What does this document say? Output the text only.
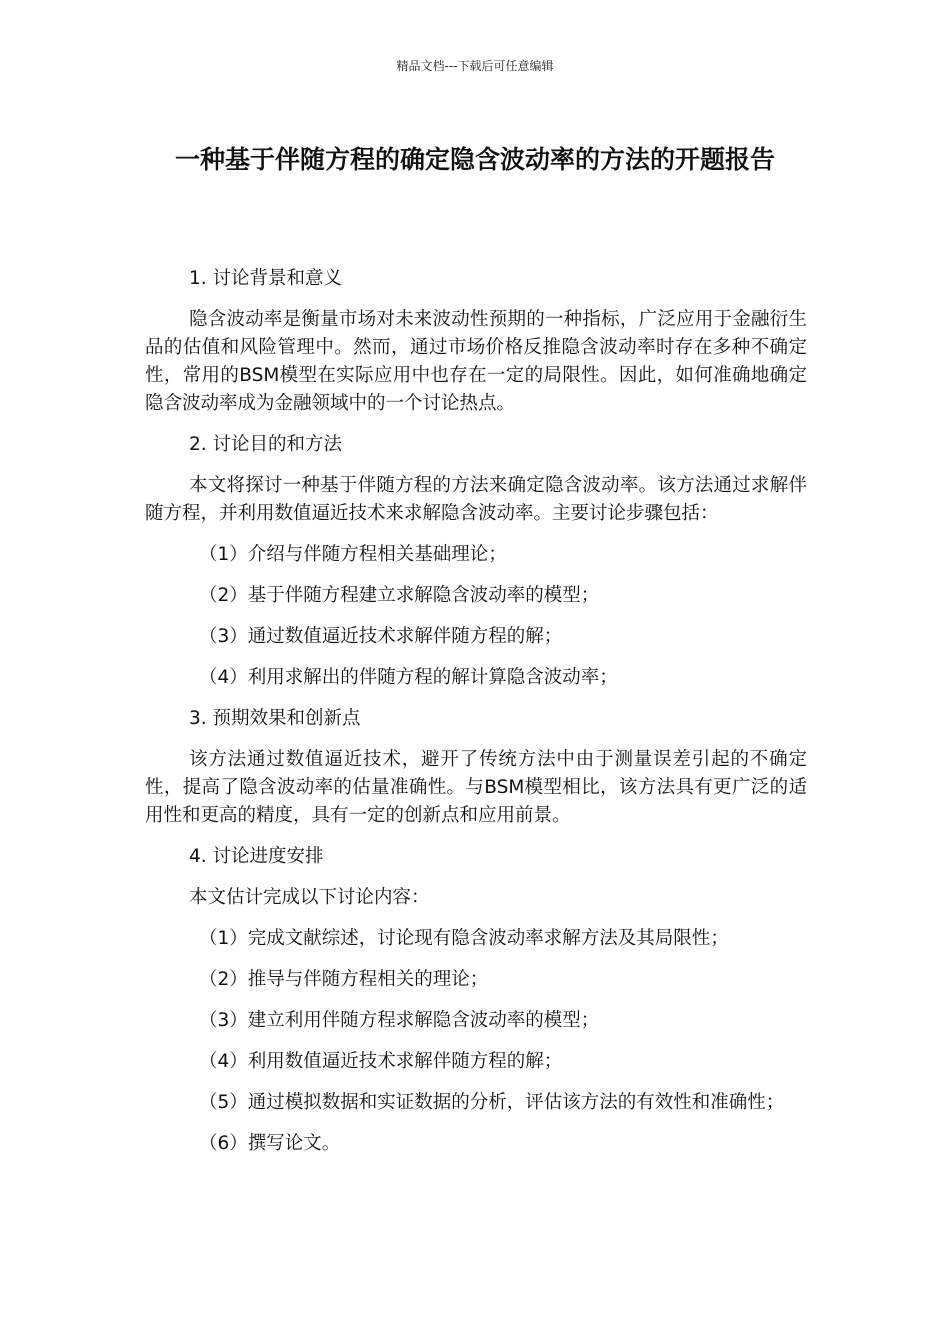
精品文档---下载后可任意编辑
一种基于伴随方程的确定隐含波动率的方法的开题报告

1. 讨论背景和意义

隐含波动率是衡量市场对未来波动性预期的一种指标，广泛应用于金融衍生品的估值和风险管理中。然而，通过市场价格反推隐含波动率时存在多种不确定性，常用的BSM模型在实际应用中也存在一定的局限性。因此，如何准确地确定隐含波动率成为金融领域中的一个讨论热点。

2. 讨论目的和方法

本文将探讨一种基于伴随方程的方法来确定隐含波动率。该方法通过求解伴随方程，并利用数值逼近技术来求解隐含波动率。主要讨论步骤包括：

（1）介绍与伴随方程相关基础理论；

（2）基于伴随方程建立求解隐含波动率的模型；

（3）通过数值逼近技术求解伴随方程的解；

（4）利用求解出的伴随方程的解计算隐含波动率；

3. 预期效果和创新点

该方法通过数值逼近技术，避开了传统方法中由于测量误差引起的不确定性，提高了隐含波动率的估量准确性。与BSM模型相比，该方法具有更广泛的适用性和更高的精度，具有一定的创新点和应用前景。

4. 讨论进度安排

本文估计完成以下讨论内容：

（1）完成文献综述，讨论现有隐含波动率求解方法及其局限性；

（2）推导与伴随方程相关的理论；

（3）建立利用伴随方程求解隐含波动率的模型；

（4）利用数值逼近技术求解伴随方程的解；

（5）通过模拟数据和实证数据的分析，评估该方法的有效性和准确性；

（6）撰写论文。
